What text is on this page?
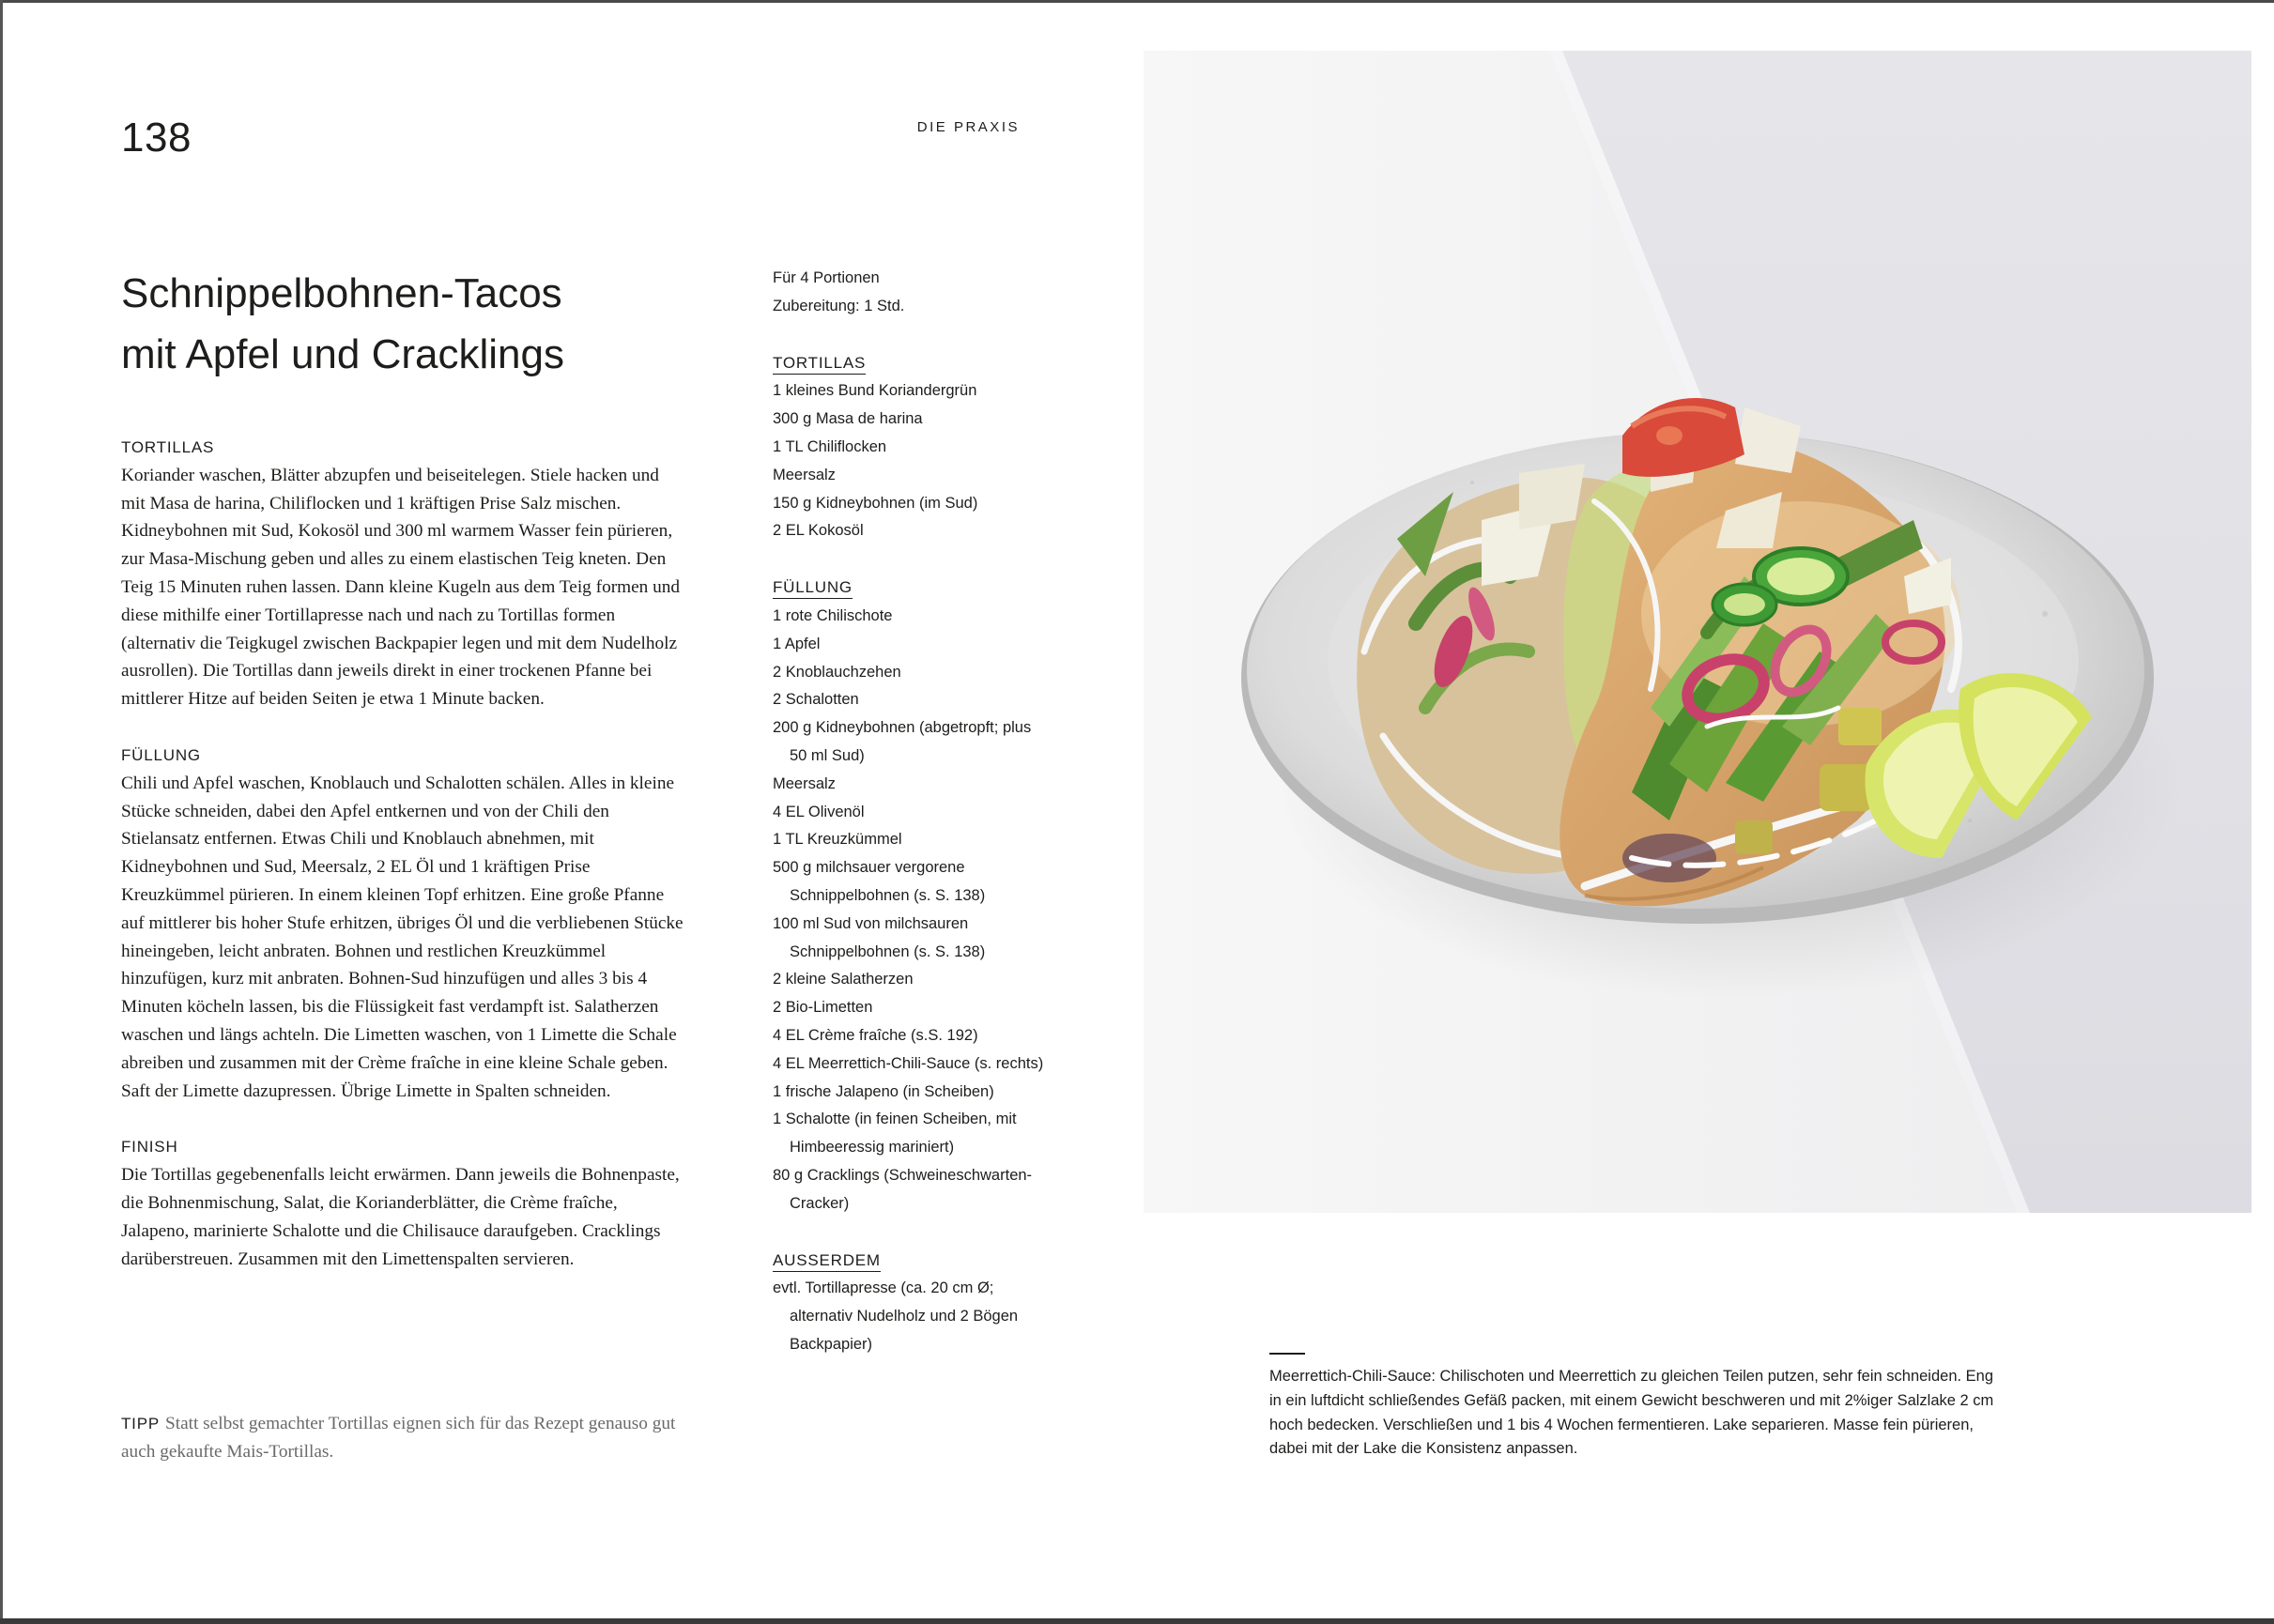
138	DIE PRAXIS
Schnippelbohnen-Tacos
mit Apfel und Cracklings
TORTILLAS

Koriander waschen, Blätter abzupfen und beiseitelegen. Stiele hacken und mit Masa de harina, Chiliflocken und 1 kräftigen Prise Salz mischen. Kidneybohnen mit Sud, Kokosöl und 300 ml warmem Wasser fein pürieren, zur Masa-Mischung geben und alles zu einem elastischen Teig kneten. Den Teig 15 Minuten ruhen lassen. Dann kleine Kugeln aus dem Teig formen und diese mithilfe einer Tortillapresse nach und nach zu Tortillas formen (alternativ die Teigkugel zwischen Backpapier legen und mit dem Nudelholz ausrollen). Die Tortillas dann jeweils direkt in einer trockenen Pfanne bei mittlerer Hitze auf beiden Seiten je etwa 1 Minute backen.

FÜLLUNG

Chili und Apfel waschen, Knoblauch und Schalotten schälen. Alles in kleine Stücke schneiden, dabei den Apfel entkernen und von der Chili den Stielansatz entfernen. Etwas Chili und Knoblauch abnehmen, mit Kidneybohnen und Sud, Meersalz, 2 EL Öl und 1 kräftigen Prise Kreuzkümmel pürieren. In einem kleinen Topf erhitzen. Eine große Pfanne auf mittlerer bis hoher Stufe erhitzen, übriges Öl und die verbliebenen Stücke hineingeben, leicht anbraten. Bohnen und restlichen Kreuzkümmel hinzufügen, kurz mit anbraten. Bohnen-Sud hinzufügen und alles 3 bis 4 Minuten köcheln lassen, bis die Flüssigkeit fast verdampft ist. Salatherzen waschen und längs achteln. Die Limetten waschen, von 1 Limette die Schale abreiben und zusammen mit der Crème fraîche in eine kleine Schale geben. Saft der Limette dazupressen. Übrige Limette in Spalten schneiden.

FINISH

Die Tortillas gegebenenfalls leicht erwärmen. Dann jeweils die Bohnenpaste, die Bohnenmischung, Salat, die Korianderblätter, die Crème fraîche, Jalapeno, marinierte Schalotte und die Chilisauce daraufgeben. Cracklings darüberstreuen. Zusammen mit den Limettenspalten servieren.

TIPP Statt selbst gemachter Tortillas eignen sich für das Rezept genauso gut auch gekaufte Mais-Tortillas.

Für 4 Portionen
Zubereitung: 1 Std.
TORTILLAS
1 kleines Bund Koriandergrün
300 g Masa de harina
1 TL Chiliflocken
Meersalz
150 g Kidneybohnen (im Sud)
2 EL Kokosöl
FÜLLUNG
1 rote Chilischote
1 Apfel
2 Knoblauchzehen
2 Schalotten
200 g Kidneybohnen (abgetropft; plus 50 ml Sud)
Meersalz
4 EL Olivenöl
1 TL Kreuzkümmel
500 g milchsauer vergorene Schnippelbohnen (s. S. 138)
100 ml Sud von milchsauren Schnippelbohnen (s. S. 138)
2 kleine Salatherzen
2 Bio-Limetten
4 EL Crème fraîche (s.S. 192)
4 EL Meerrettich-Chili-Sauce (s. rechts)
1 frische Jalapeno (in Scheiben)
1 Schalotte (in feinen Scheiben, mit Himbeeressig mariniert)
80 g Cracklings (Schweineschwarten-Cracker)
AUSSERDEM
evtl. Tortillapresse (ca. 20 cm Ø; alternativ Nudelholz und 2 Bögen Backpapier)

Meerrettich-Chili-Sauce: Chilischoten und Meerrettich zu gleichen Teilen putzen, sehr fein schneiden. Eng in ein luftdicht schließendes Gefäß packen, mit einem Gewicht beschweren und mit 2%iger Salzlake 2 cm hoch bedecken. Verschließen und 1 bis 4 Wochen fermentieren. Lake separieren. Masse fein pürieren, dabei mit der Lake die Konsistenz anpassen.
